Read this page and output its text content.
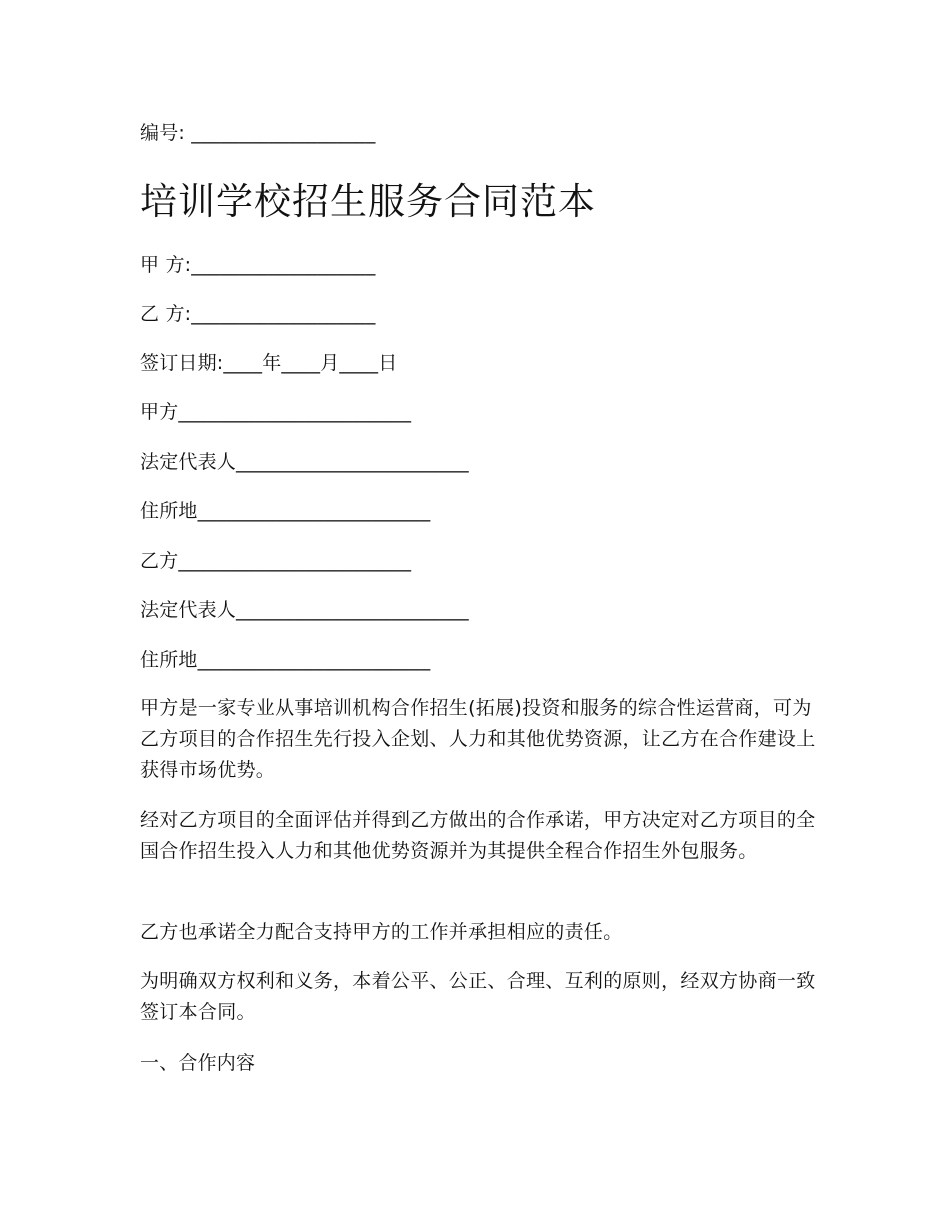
编号: ___________________
培训学校招生服务合同范本
甲 方:___________________
乙 方:___________________
签订日期:____年____月____日
甲方________________________
法定代表人________________________
住所地________________________
乙方________________________
法定代表人________________________
住所地________________________
甲方是一家专业从事培训机构合作招生(拓展)投资和服务的综合性运营商，可为乙方项目的合作招生先行投入企划、人力和其他优势资源，让乙方在合作建设上获得市场优势。
经对乙方项目的全面评估并得到乙方做出的合作承诺，甲方决定对乙方项目的全国合作招生投入人力和其他优势资源并为其提供全程合作招生外包服务。
乙方也承诺全力配合支持甲方的工作并承担相应的责任。
为明确双方权利和义务，本着公平、公正、合理、互利的原则，经双方协商一致签订本合同。
一、合作内容
